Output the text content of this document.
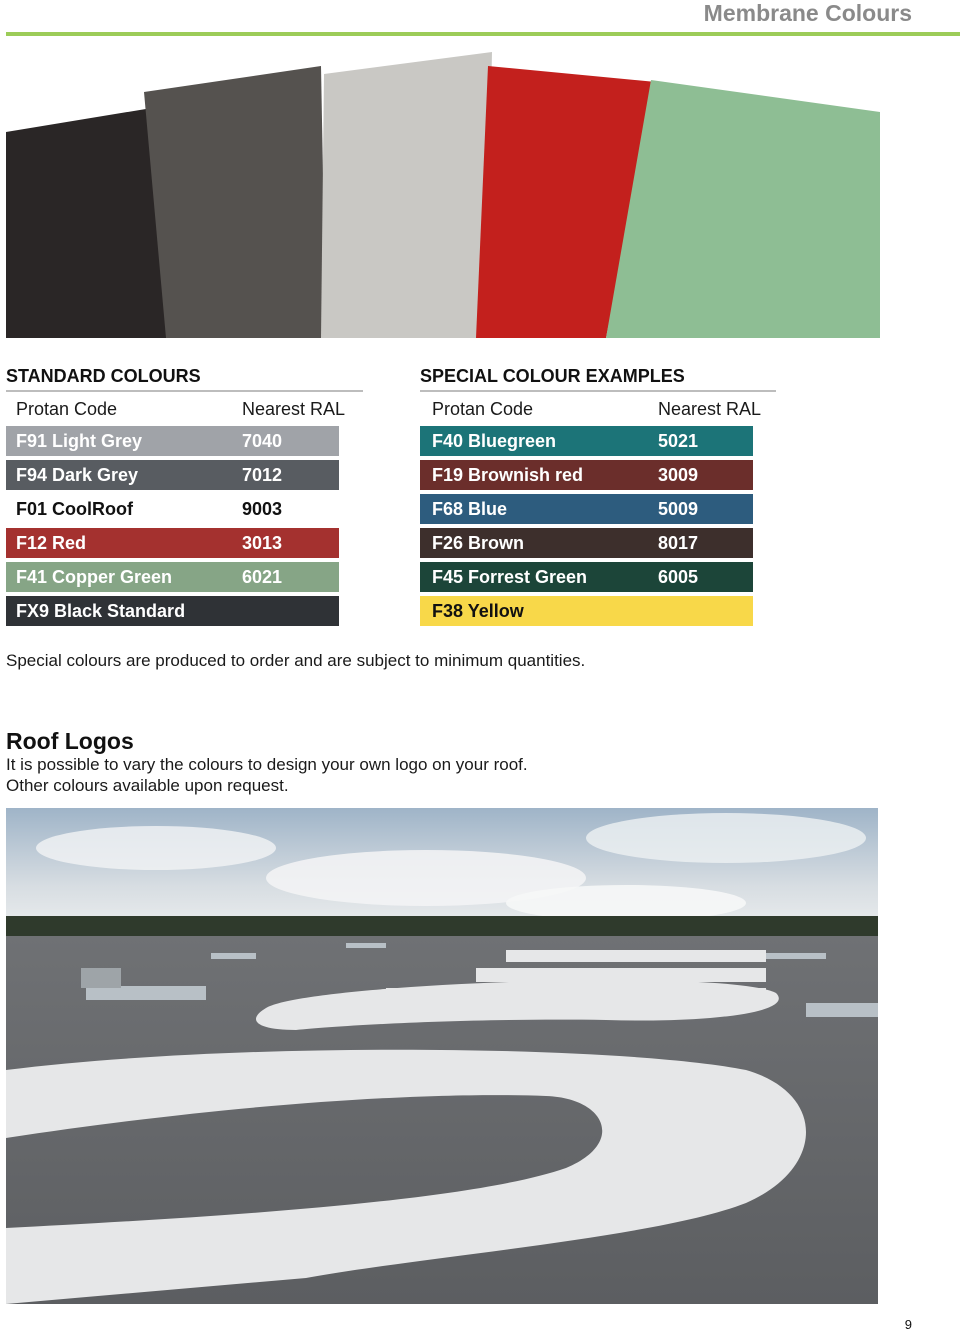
Membrane Colours
STANDARD COLOURS
Protan Code	Nearest RAL
F91 Light Grey	7040
F94 Dark Grey	7012
F01 CoolRoof	9003
F12 Red	3013
F41 Copper Green	6021
FX9 Black Standard
SPECIAL COLOUR EXAMPLES
Protan Code	Nearest RAL
F40 Bluegreen	5021
F19 Brownish red	3009
F68 Blue	5009
F26 Brown	8017
F45 Forrest Green	6005
F38 Yellow
Special colours are produced to order and are subject to minimum quantities.
Roof Logos
It is possible to vary the colours to design your own logo on your roof.
Other colours available upon request.
9
